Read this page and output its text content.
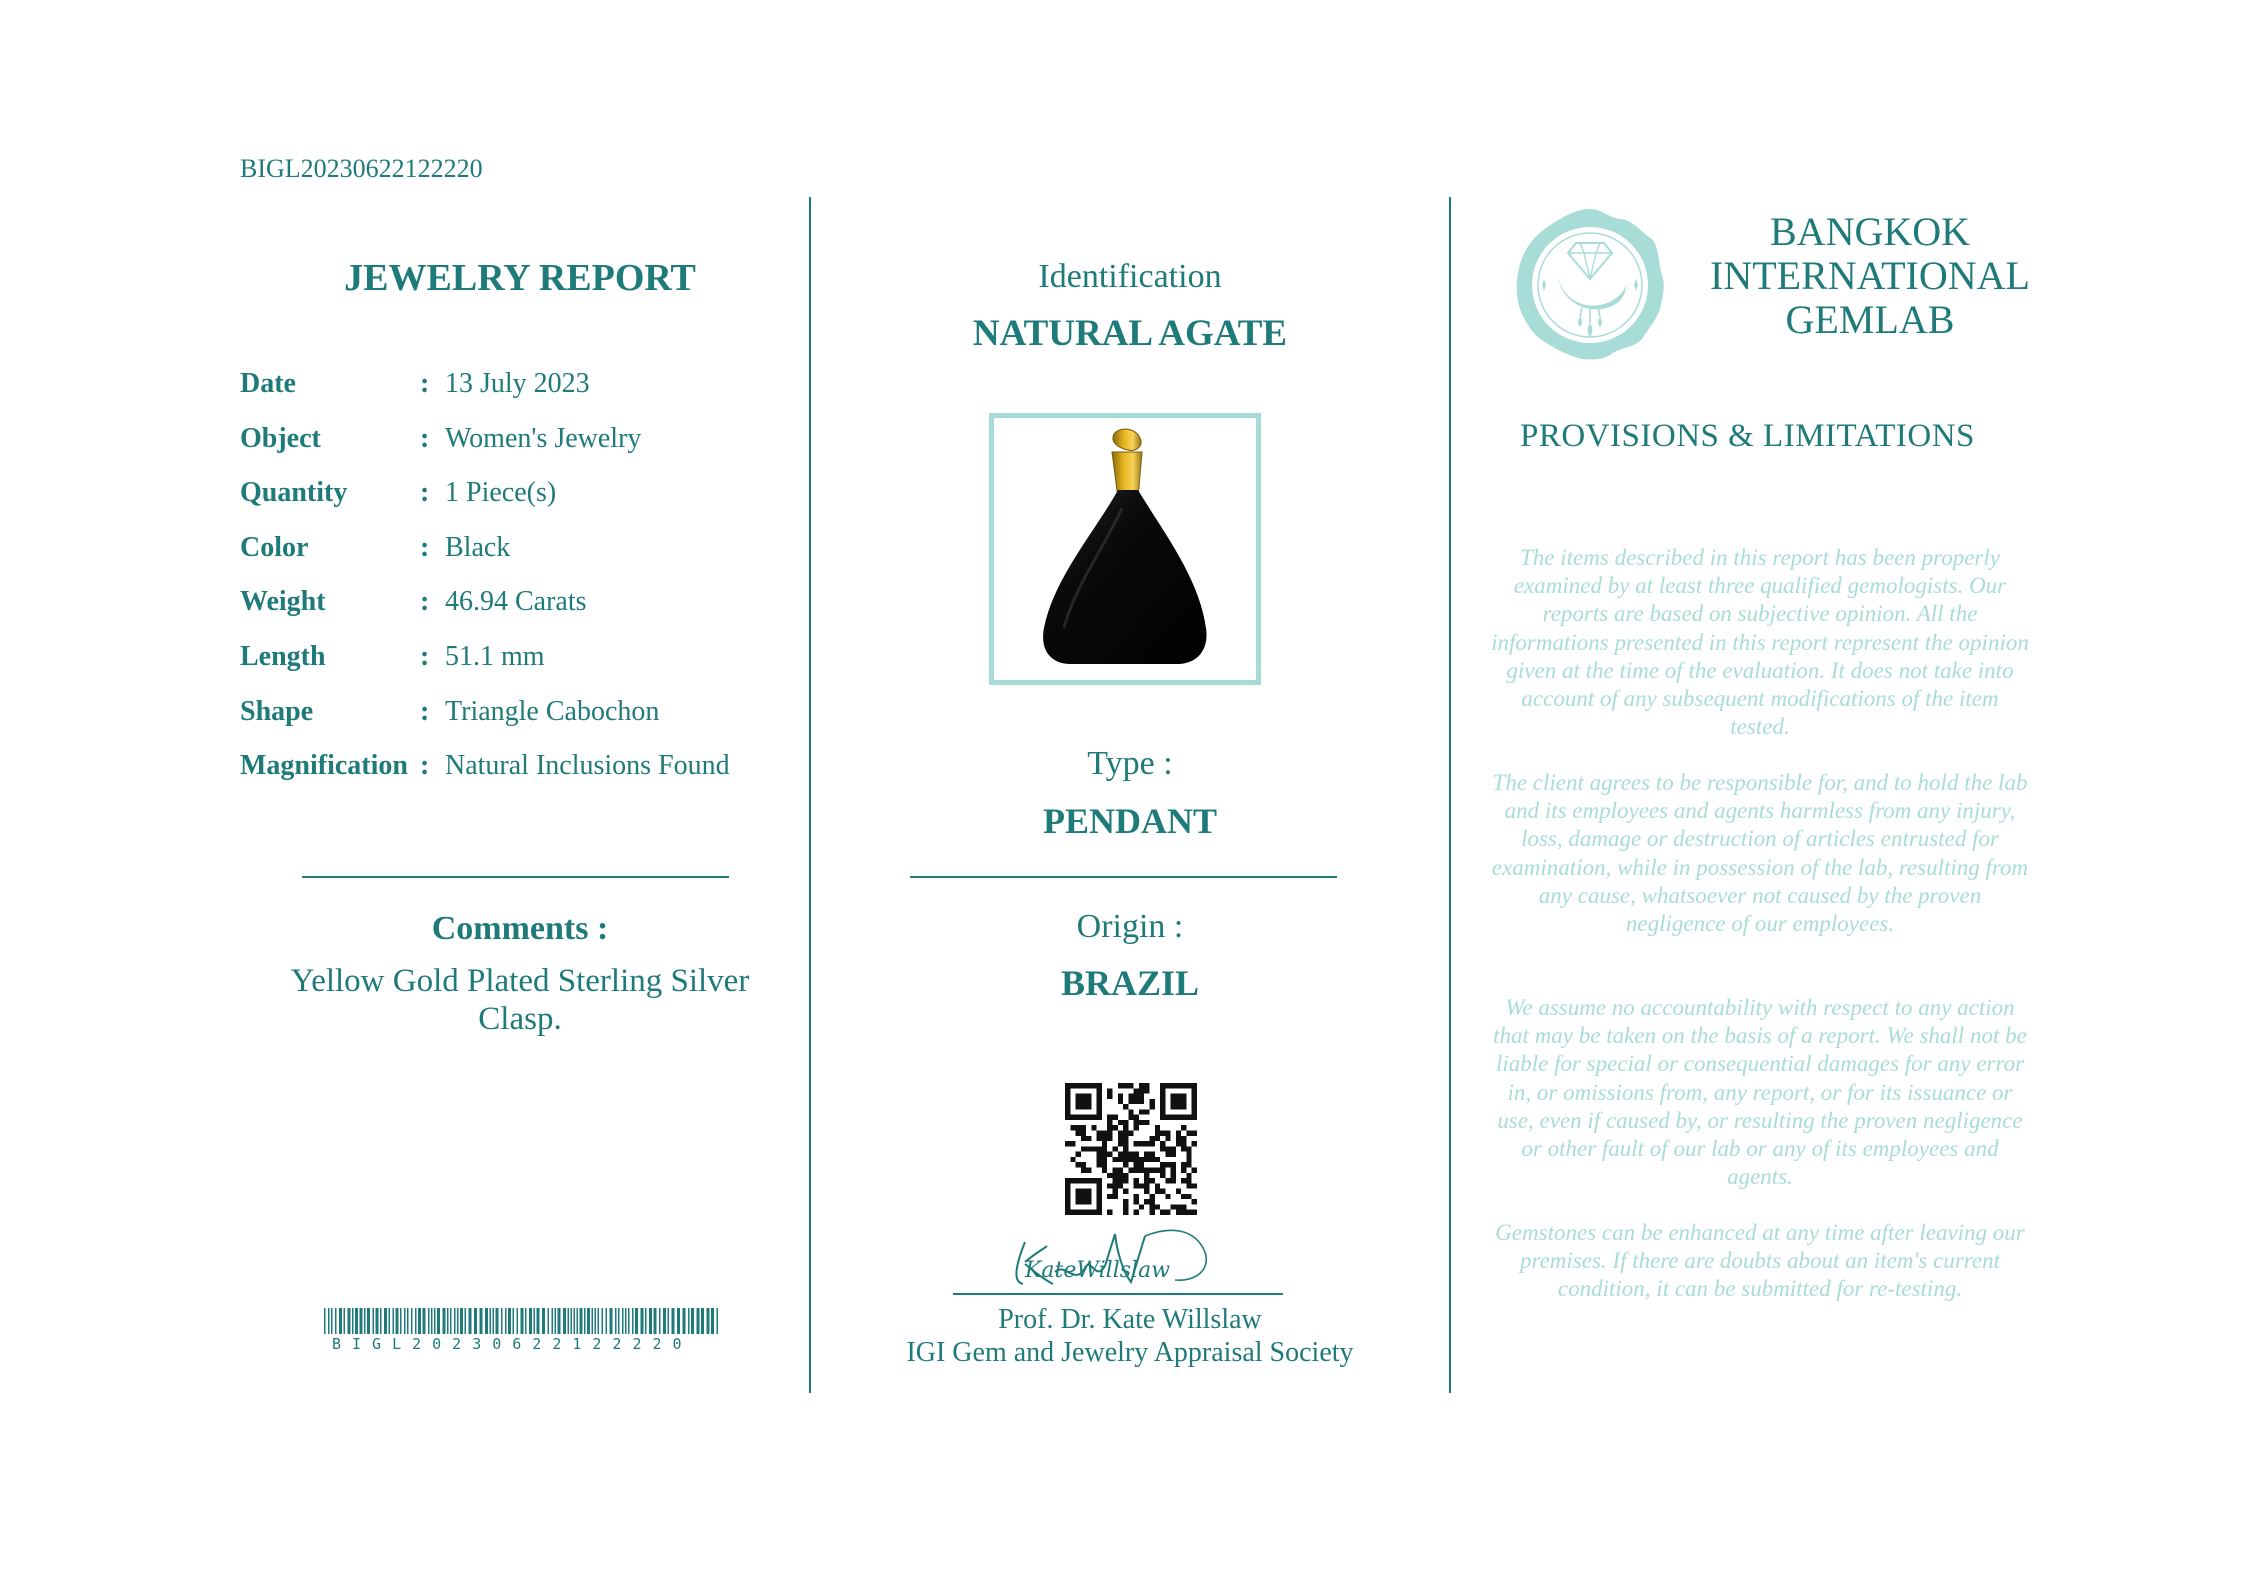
BIGL20230622122220
JEWELRY REPORT
Date	: 13 July 2023
Object	: Women's Jewelry
Quantity	: 1 Piece(s)
Color	: Black
Weight	: 46.94 Carats
Length	: 51.1 mm
Shape	: Triangle Cabochon
Magnification : Natural Inclusions Found
Comments :
Yellow Gold Plated Sterling Silver Clasp.
BIGL20230622122220
Identification
NATURAL AGATE
Type :
PENDANT
Origin :
BRAZIL
KateWillslaw
Prof. Dr. Kate Willslaw
IGI Gem and Jewelry Appraisal Society
BANGKOK
INTERNATIONAL
GEMLAB
PROVISIONS & LIMITATIONS
The items described in this report has been properly examined by at least three qualified gemologists. Our reports are based on subjective opinion. All the informations presented in this report represent the opinion given at the time of the evaluation. It does not take into account of any subsequent modifications of the item tested.
The client agrees to be responsible for, and to hold the lab and its employees and agents harmless from any injury, loss, damage or destruction of articles entrusted for examination, while in possession of the lab, resulting from any cause, whatsoever not caused by the proven negligence of our employees.
We assume no accountability with respect to any action that may be taken on the basis of a report. We shall not be liable for special or consequential damages for any error in, or omissions from, any report, or for its issuance or use, even if caused by, or resulting the proven negligence or other fault of our lab or any of its employees and agents.
Gemstones can be enhanced at any time after leaving our premises. If there are doubts about an item's current condition, it can be submitted for re-testing.
